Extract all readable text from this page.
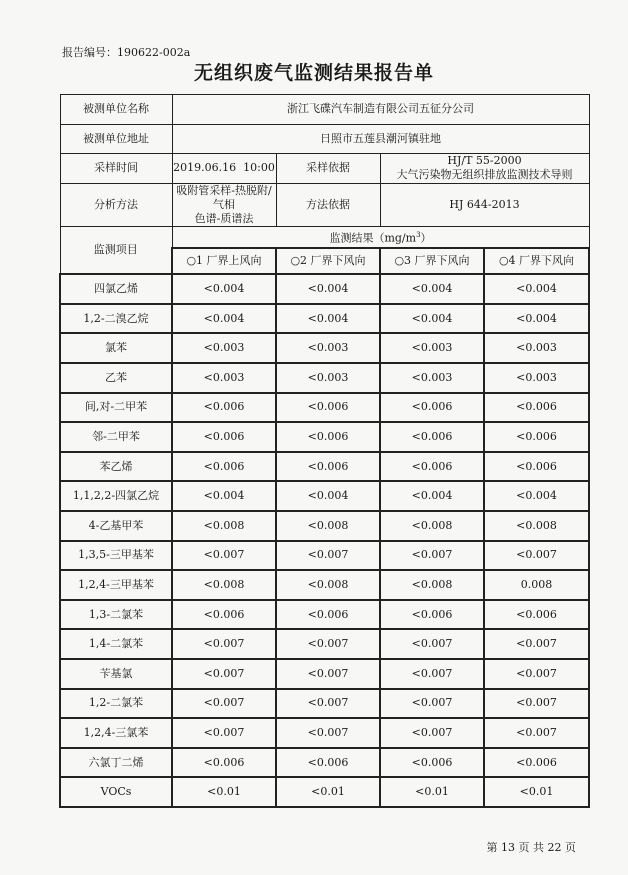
报告编号：190622-002a
无组织废气监测结果报告单
被测单位名称	浙江飞碟汽车制造有限公司五征分公司			
被测单位地址	日照市五莲县潮河镇驻地			
采样时间	2019.06.16  10:00	采样依据	HJ/T 55-2000
大气污染物无组织排放监测技术导则	

分析方法	吸附管采样-热脱附/气相
色谱-质谱法	方法依据	HJ 644-2013	
监测项目	监测结果$(mg/m^3)$			
	○1 厂界上风向	○2 厂界下风向	○3 厂界下风向	○4 厂界下风向
四氯乙烯	<0.004	<0.004	<0.004	<0.004
1,2-二溴乙烷	<0.004	<0.004	<0.004	<0.004
氯苯	<0.003	<0.003	<0.003	<0.003
乙苯	<0.003	<0.003	<0.003	<0.003
间,对-二甲苯	<0.006	<0.006	<0.006	<0.006
邻-二甲苯	<0.006	<0.006	<0.006	<0.006
苯乙烯	<0.006	<0.006	<0.006	<0.006
1,1,2,2-四氯乙烷	<0.004	<0.004	<0.004	<0.004
4-乙基甲苯	<0.008	<0.008	<0.008	<0.008
1,3,5-三甲基苯	<0.007	<0.007	<0.007	<0.007
1,2,4-三甲基苯	<0.008	<0.008	<0.008	0.008
1,3-二氯苯	<0.006	<0.006	<0.006	<0.006
1,4-二氯苯	<0.007	<0.007	<0.007	<0.007
苄基氯	<0.007	<0.007	<0.007	<0.007
1,2-二氯苯	<0.007	<0.007	<0.007	<0.007
1,2,4-三氯苯	<0.007	<0.007	<0.007	<0.007
六氯丁二烯	<0.006	<0.006	<0.006	<0.006
VOCs	<0.01	<0.01	<0.01	<0.01
第 13 页 共 22 页
